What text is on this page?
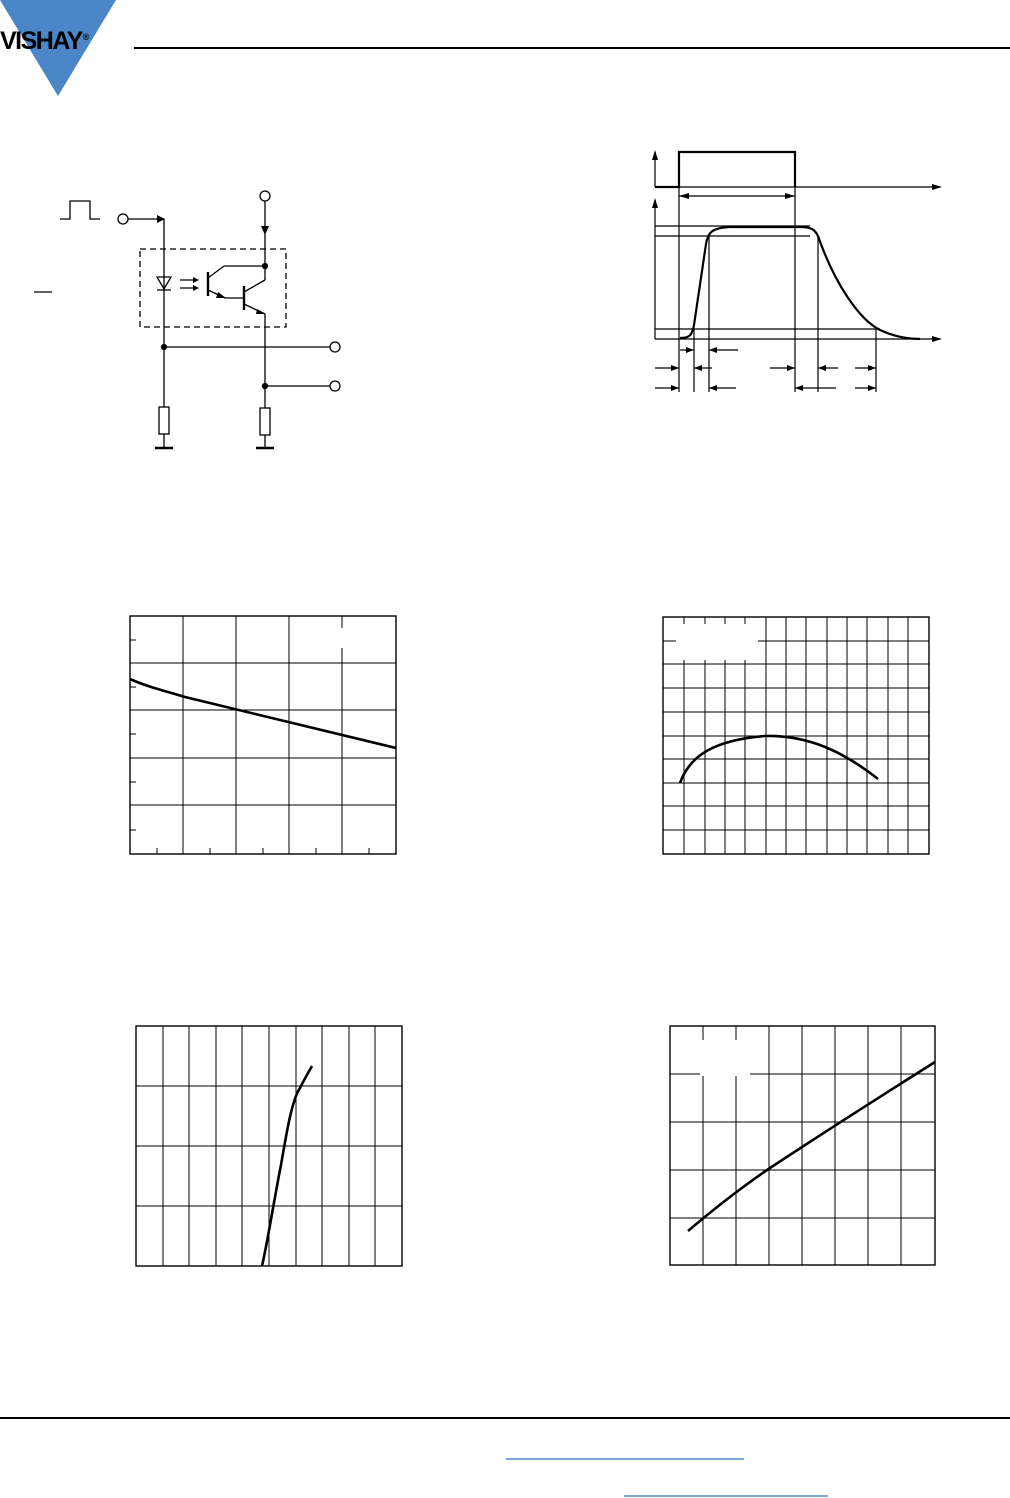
VISHAY®
